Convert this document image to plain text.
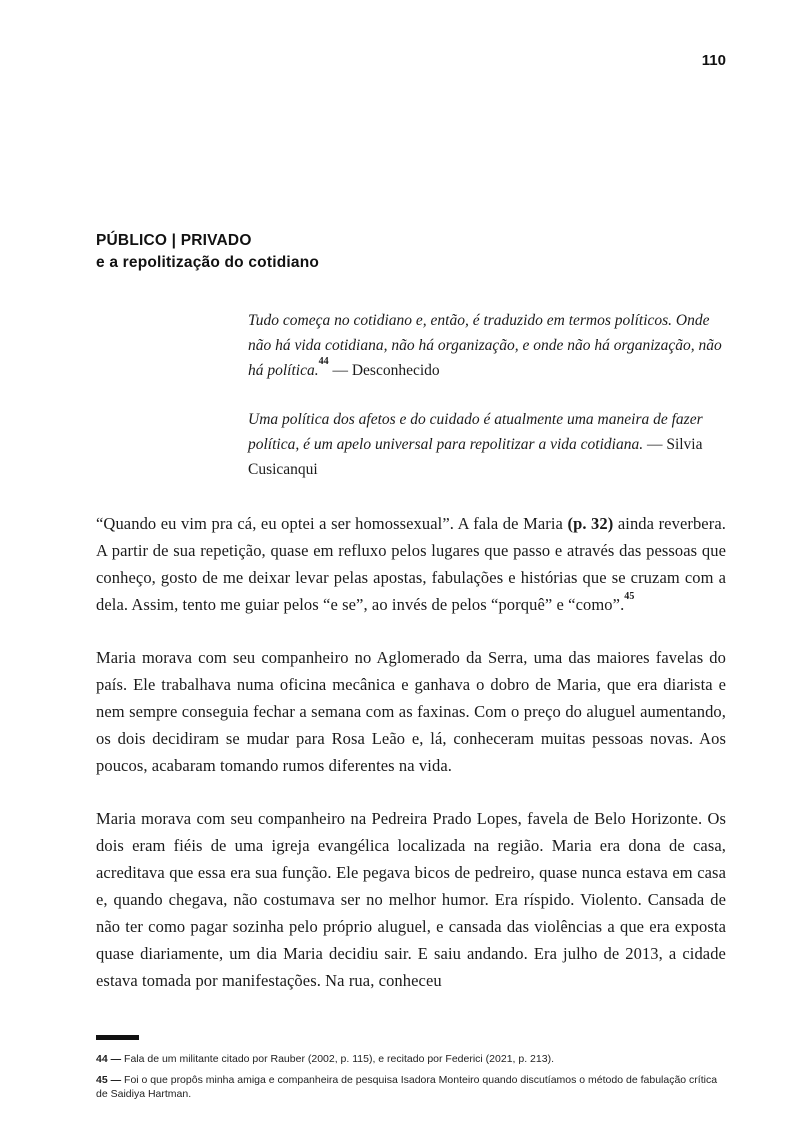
110
PÚBLICO | PRIVADO
e a repolitização do cotidiano
Tudo começa no cotidiano e, então, é traduzido em termos políticos. Onde não há vida cotidiana, não há organização, e onde não há organização, não há política.$^{44}$ — Desconhecido
Uma política dos afetos e do cuidado é atualmente uma maneira de fazer política, é um apelo universal para repolitizar a vida cotidiana. — Silvia Cusicanqui

“Quando eu vim pra cá, eu optei a ser homossexual”. A fala de Maria (p. 32) ainda reverbera. A partir de sua repetição, quase em refluxo pelos lugares que passo e através das pessoas que conheço, gosto de me deixar levar pelas apostas, fabulações e histórias que se cruzam com a dela. Assim, tento me guiar pelos “e se”, ao invés de pelos “porquê” e “como”.$^{45}$

Maria morava com seu companheiro no Aglomerado da Serra, uma das maiores favelas do país. Ele trabalhava numa oficina mecânica e ganhava o dobro de Maria, que era diarista e nem sempre conseguia fechar a semana com as faxinas. Com o preço do aluguel aumentando, os dois decidiram se mudar para Rosa Leão e, lá, conheceram muitas pessoas novas. Aos poucos, acabaram tomando rumos diferentes na vida.

Maria morava com seu companheiro na Pedreira Prado Lopes, favela de Belo Horizonte. Os dois eram fiéis de uma igreja evangélica localizada na região. Maria era dona de casa, acreditava que essa era sua função. Ele pegava bicos de pedreiro, quase nunca estava em casa e, quando chegava, não costumava ser no melhor humor. Era ríspido. Violento. Cansada de não ter como pagar sozinha pelo próprio aluguel, e cansada das violências a que era exposta quase diariamente, um dia Maria decidiu sair. E saiu andando. Era julho de 2013, a cidade estava tomada por manifestações. Na rua, conheceu

44 — Fala de um militante citado por Rauber (2002, p. 115), e recitado por Federici (2021, p. 213).

45 — Foi o que propôs minha amiga e companheira de pesquisa Isadora Monteiro quando discutíamos o método de fabulação crítica de Saidiya Hartman.
